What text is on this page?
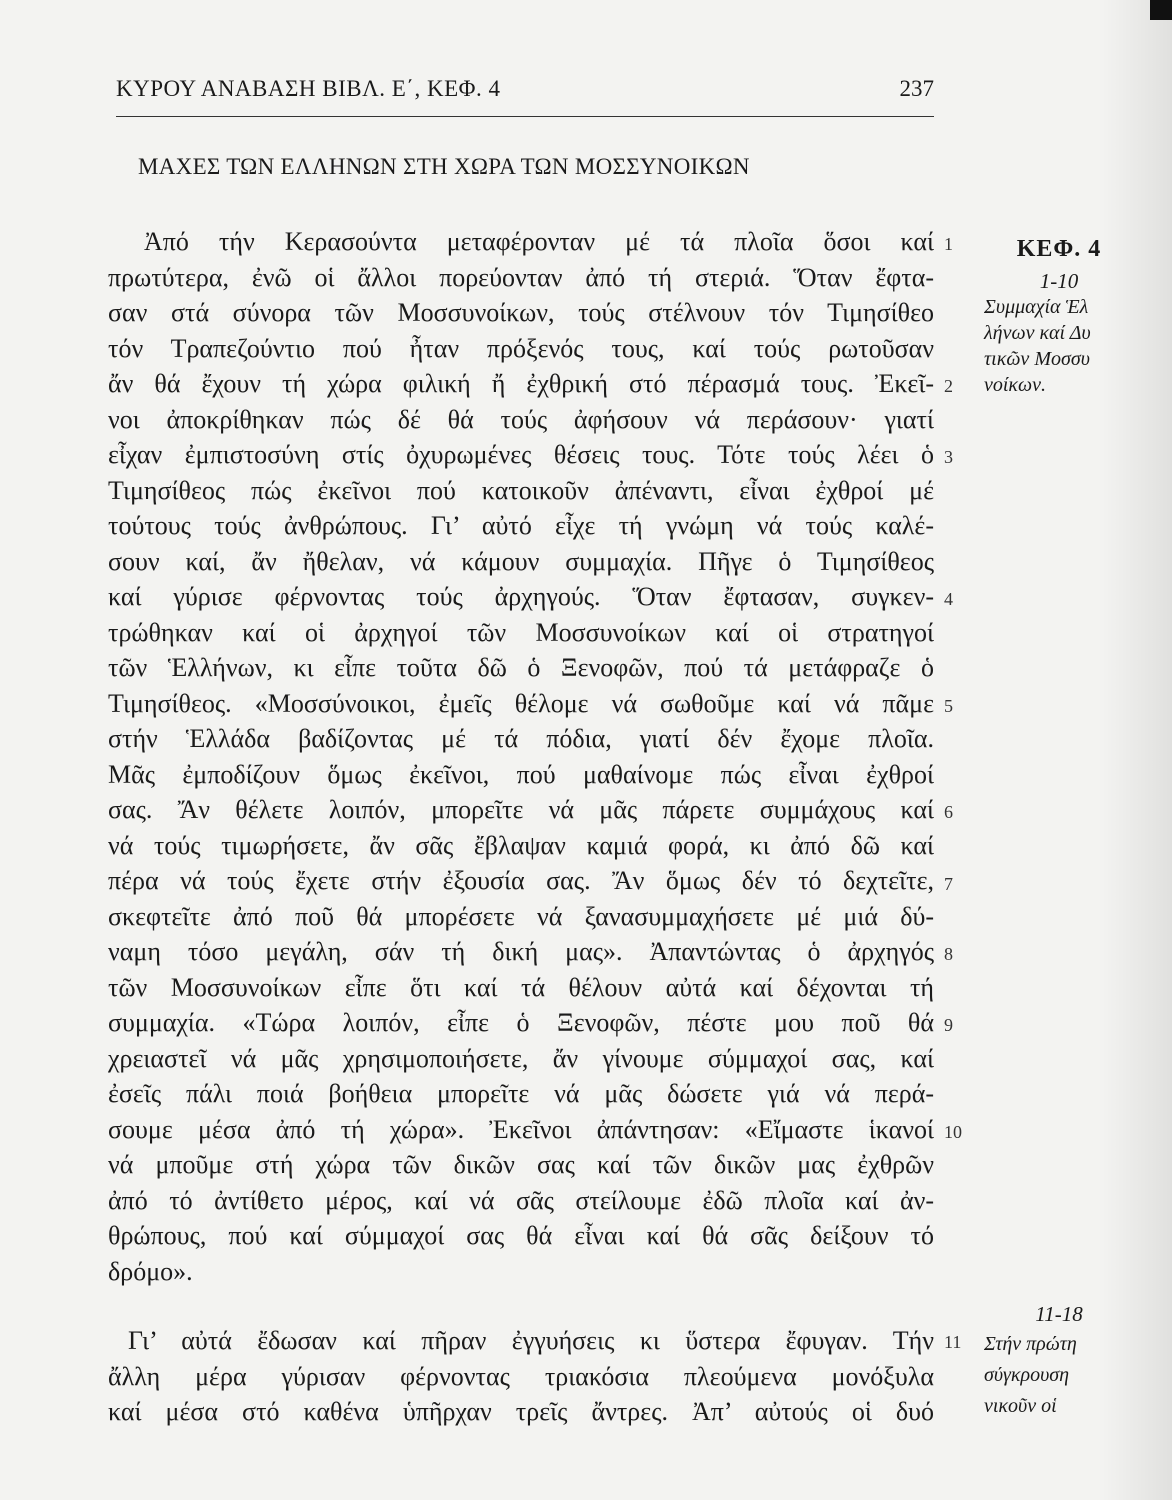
ΚΥΡΟΥ ΑΝΑΒΑΣΗ ΒΙΒΛ. Ε΄, ΚΕΦ. 4	237
ΜΑΧΕΣ ΤΩΝ ΕΛΛΗΝΩΝ ΣΤΗ ΧΩΡΑ ΤΩΝ ΜΟΣΣΥΝΟΙΚΩΝ
Ἀπό τήν Κερασούντα μεταφέρονταν μέ τά πλοῖα ὅσοι καί
πρωτύτερα, ἐνῶ οἱ ἄλλοι πορεύονταν ἀπό τή στεριά. Ὅταν ἔφτα-
σαν στά σύνορα τῶν Μοσσυνοίκων, τούς στέλνουν τόν Τιμησίθεο
τόν Τραπεζούντιο πού ἦταν πρόξενός τους, καί τούς ρωτοῦσαν
ἄν θά ἔχουν τή χώρα φιλική ἤ ἐχθρική στό πέρασμά τους. Ἐκεῖ-
νοι ἀποκρίθηκαν πώς δέ θά τούς ἀφήσουν νά περάσουν· γιατί
εἶχαν ἐμπιστοσύνη στίς ὀχυρωμένες θέσεις τους. Τότε τούς λέει ὁ
Τιμησίθεος πώς ἐκεῖνοι πού κατοικοῦν ἀπέναντι, εἶναι ἐχθροί μέ
τούτους τούς ἀνθρώπους. Γι’ αὐτό εἶχε τή γνώμη νά τούς καλέ-
σουν καί, ἄν ἤθελαν, νά κάμουν συμμαχία. Πῆγε ὁ Τιμησίθεος
καί γύρισε φέρνοντας τούς ἀρχηγούς. Ὅταν ἔφτασαν, συγκεν-
τρώθηκαν καί οἱ ἀρχηγοί τῶν Μοσσυνοίκων καί οἱ στρατηγοί
τῶν Ἑλλήνων, κι εἶπε τοῦτα δῶ ὁ Ξενοφῶν, πού τά μετάφραζε ὁ
Τιμησίθεος. «Μοσσύνοικοι, ἐμεῖς θέλομε νά σωθοῦμε καί νά πᾶμε
στήν Ἑλλάδα βαδίζοντας μέ τά πόδια, γιατί δέν ἔχομε πλοῖα.
Μᾶς ἐμποδίζουν ὅμως ἐκεῖνοι, πού μαθαίνομε πώς εἶναι ἐχθροί
σας. Ἄν θέλετε λοιπόν, μπορεῖτε νά μᾶς πάρετε συμμάχους καί
νά τούς τιμωρήσετε, ἄν σᾶς ἔβλαψαν καμιά φορά, κι ἀπό δῶ καί
πέρα νά τούς ἔχετε στήν ἐξουσία σας. Ἄν ὅμως δέν τό δεχτεῖτε,
σκεφτεῖτε ἀπό ποῦ θά μπορέσετε νά ξανασυμμαχήσετε μέ μιά δύ-
ναμη τόσο μεγάλη, σάν τή δική μας». Ἀπαντώντας ὁ ἀρχηγός
τῶν Μοσσυνοίκων εἶπε ὅτι καί τά θέλουν αὐτά καί δέχονται τή
συμμαχία. «Τώρα λοιπόν, εἶπε ὁ Ξενοφῶν, πέστε μου ποῦ θά
χρειαστεῖ νά μᾶς χρησιμοποιήσετε, ἄν γίνουμε σύμμαχοί σας, καί
ἐσεῖς πάλι ποιά βοήθεια μπορεῖτε νά μᾶς δώσετε γιά νά περά-
σουμε μέσα ἀπό τή χώρα». Ἐκεῖνοι ἀπάντησαν: «Εἴμαστε ἱκανοί
νά μποῦμε στή χώρα τῶν δικῶν σας καί τῶν δικῶν μας ἐχθρῶν
ἀπό τό ἀντίθετο μέρος, καί νά σᾶς στείλουμε ἐδῶ πλοῖα καί ἀν-
θρώπους, πού καί σύμμαχοί σας θά εἶναι καί θά σᾶς δείξουν τό
δρόμο».
Γι’ αὐτά ἔδωσαν καί πῆραν ἐγγυήσεις κι ὕστερα ἔφυγαν. Τήν
ἄλλη μέρα γύρισαν φέρνοντας τριακόσια πλεούμενα μονόξυλα
καί μέσα στό καθένα ὑπῆρχαν τρεῖς ἄντρες. Ἀπ’ αὐτούς οἱ δυό
1
2
3
4
5
6
7
8
9
10
11
ΚΕΦ. 4
1-10
Συμμαχία Ἑλ
λήνων καί Δυ
τικῶν Μοσσυ
νοίκων.
11-18
Στήν πρώτη
σύγκρουση
νικοῦν οἱ
